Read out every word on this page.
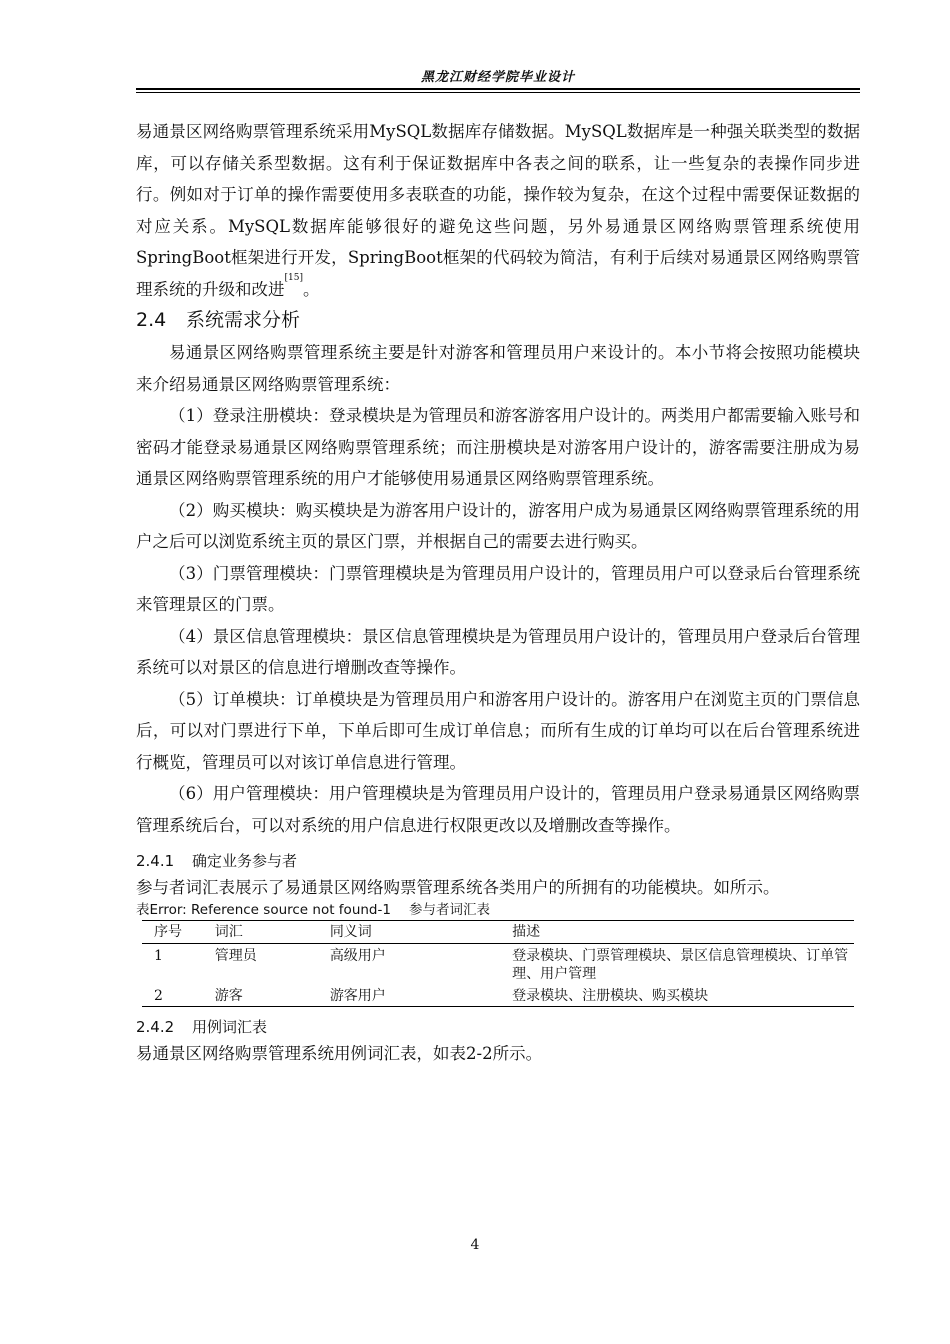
黑龙江财经学院毕业设计

易通景区网络购票管理系统采用MySQL数据库存储数据。MySQL数据库是一种强关联类型的数据库，可以存储关系型数据。这有利于保证数据库中各表之间的联系，让一些复杂的表操作同步进行。例如对于订单的操作需要使用多表联查的功能，操作较为复杂，在这个过程中需要保证数据的对应关系。MySQL数据库能够很好的避免这些问题，另外易通景区网络购票管理系统使用SpringBoot框架进行开发，SpringBoot框架的代码较为简洁，有利于后续对易通景区网络购票管理系统的升级和改进[15]。

2.4 系统需求分析

易通景区网络购票管理系统主要是针对游客和管理员用户来设计的。本小节将会按照功能模块来介绍易通景区网络购票管理系统：

（1）登录注册模块：登录模块是为管理员和游客游客用户设计的。两类用户都需要输入账号和密码才能登录易通景区网络购票管理系统；而注册模块是对游客用户设计的，游客需要注册成为易通景区网络购票管理系统的用户才能够使用易通景区网络购票管理系统。

（2）购买模块：购买模块是为游客用户设计的，游客用户成为易通景区网络购票管理系统的用户之后可以浏览系统主页的景区门票，并根据自己的需要去进行购买。

（3）门票管理模块：门票管理模块是为管理员用户设计的，管理员用户可以登录后台管理系统来管理景区的门票。

（4）景区信息管理模块：景区信息管理模块是为管理员用户设计的，管理员用户登录后台管理系统可以对景区的信息进行增删改查等操作。

（5）订单模块：订单模块是为管理员用户和游客用户设计的。游客用户在浏览主页的门票信息后，可以对门票进行下单，下单后即可生成订单信息；而所有生成的订单均可以在后台管理系统进行概览，管理员可以对该订单信息进行管理。

（6）用户管理模块：用户管理模块是为管理员用户设计的，管理员用户登录易通景区网络购票管理系统后台，可以对系统的用户信息进行权限更改以及增删改查等操作。

2.4.1 确定业务参与者

参与者词汇表展示了易通景区网络购票管理系统各类用户的所拥有的功能模块。如所示。

表Error: Reference source not found-1 参与者词汇表
序号	词汇	同义词	描述
1	管理员	高级用户	登录模块、门票管理模块、景区信息管理模块、订单管理、用户管理
2	游客	游客用户	登录模块、注册模块、购买模块
2.4.2 用例词汇表

易通景区网络购票管理系统用例词汇表，如表2-2所示。

4
